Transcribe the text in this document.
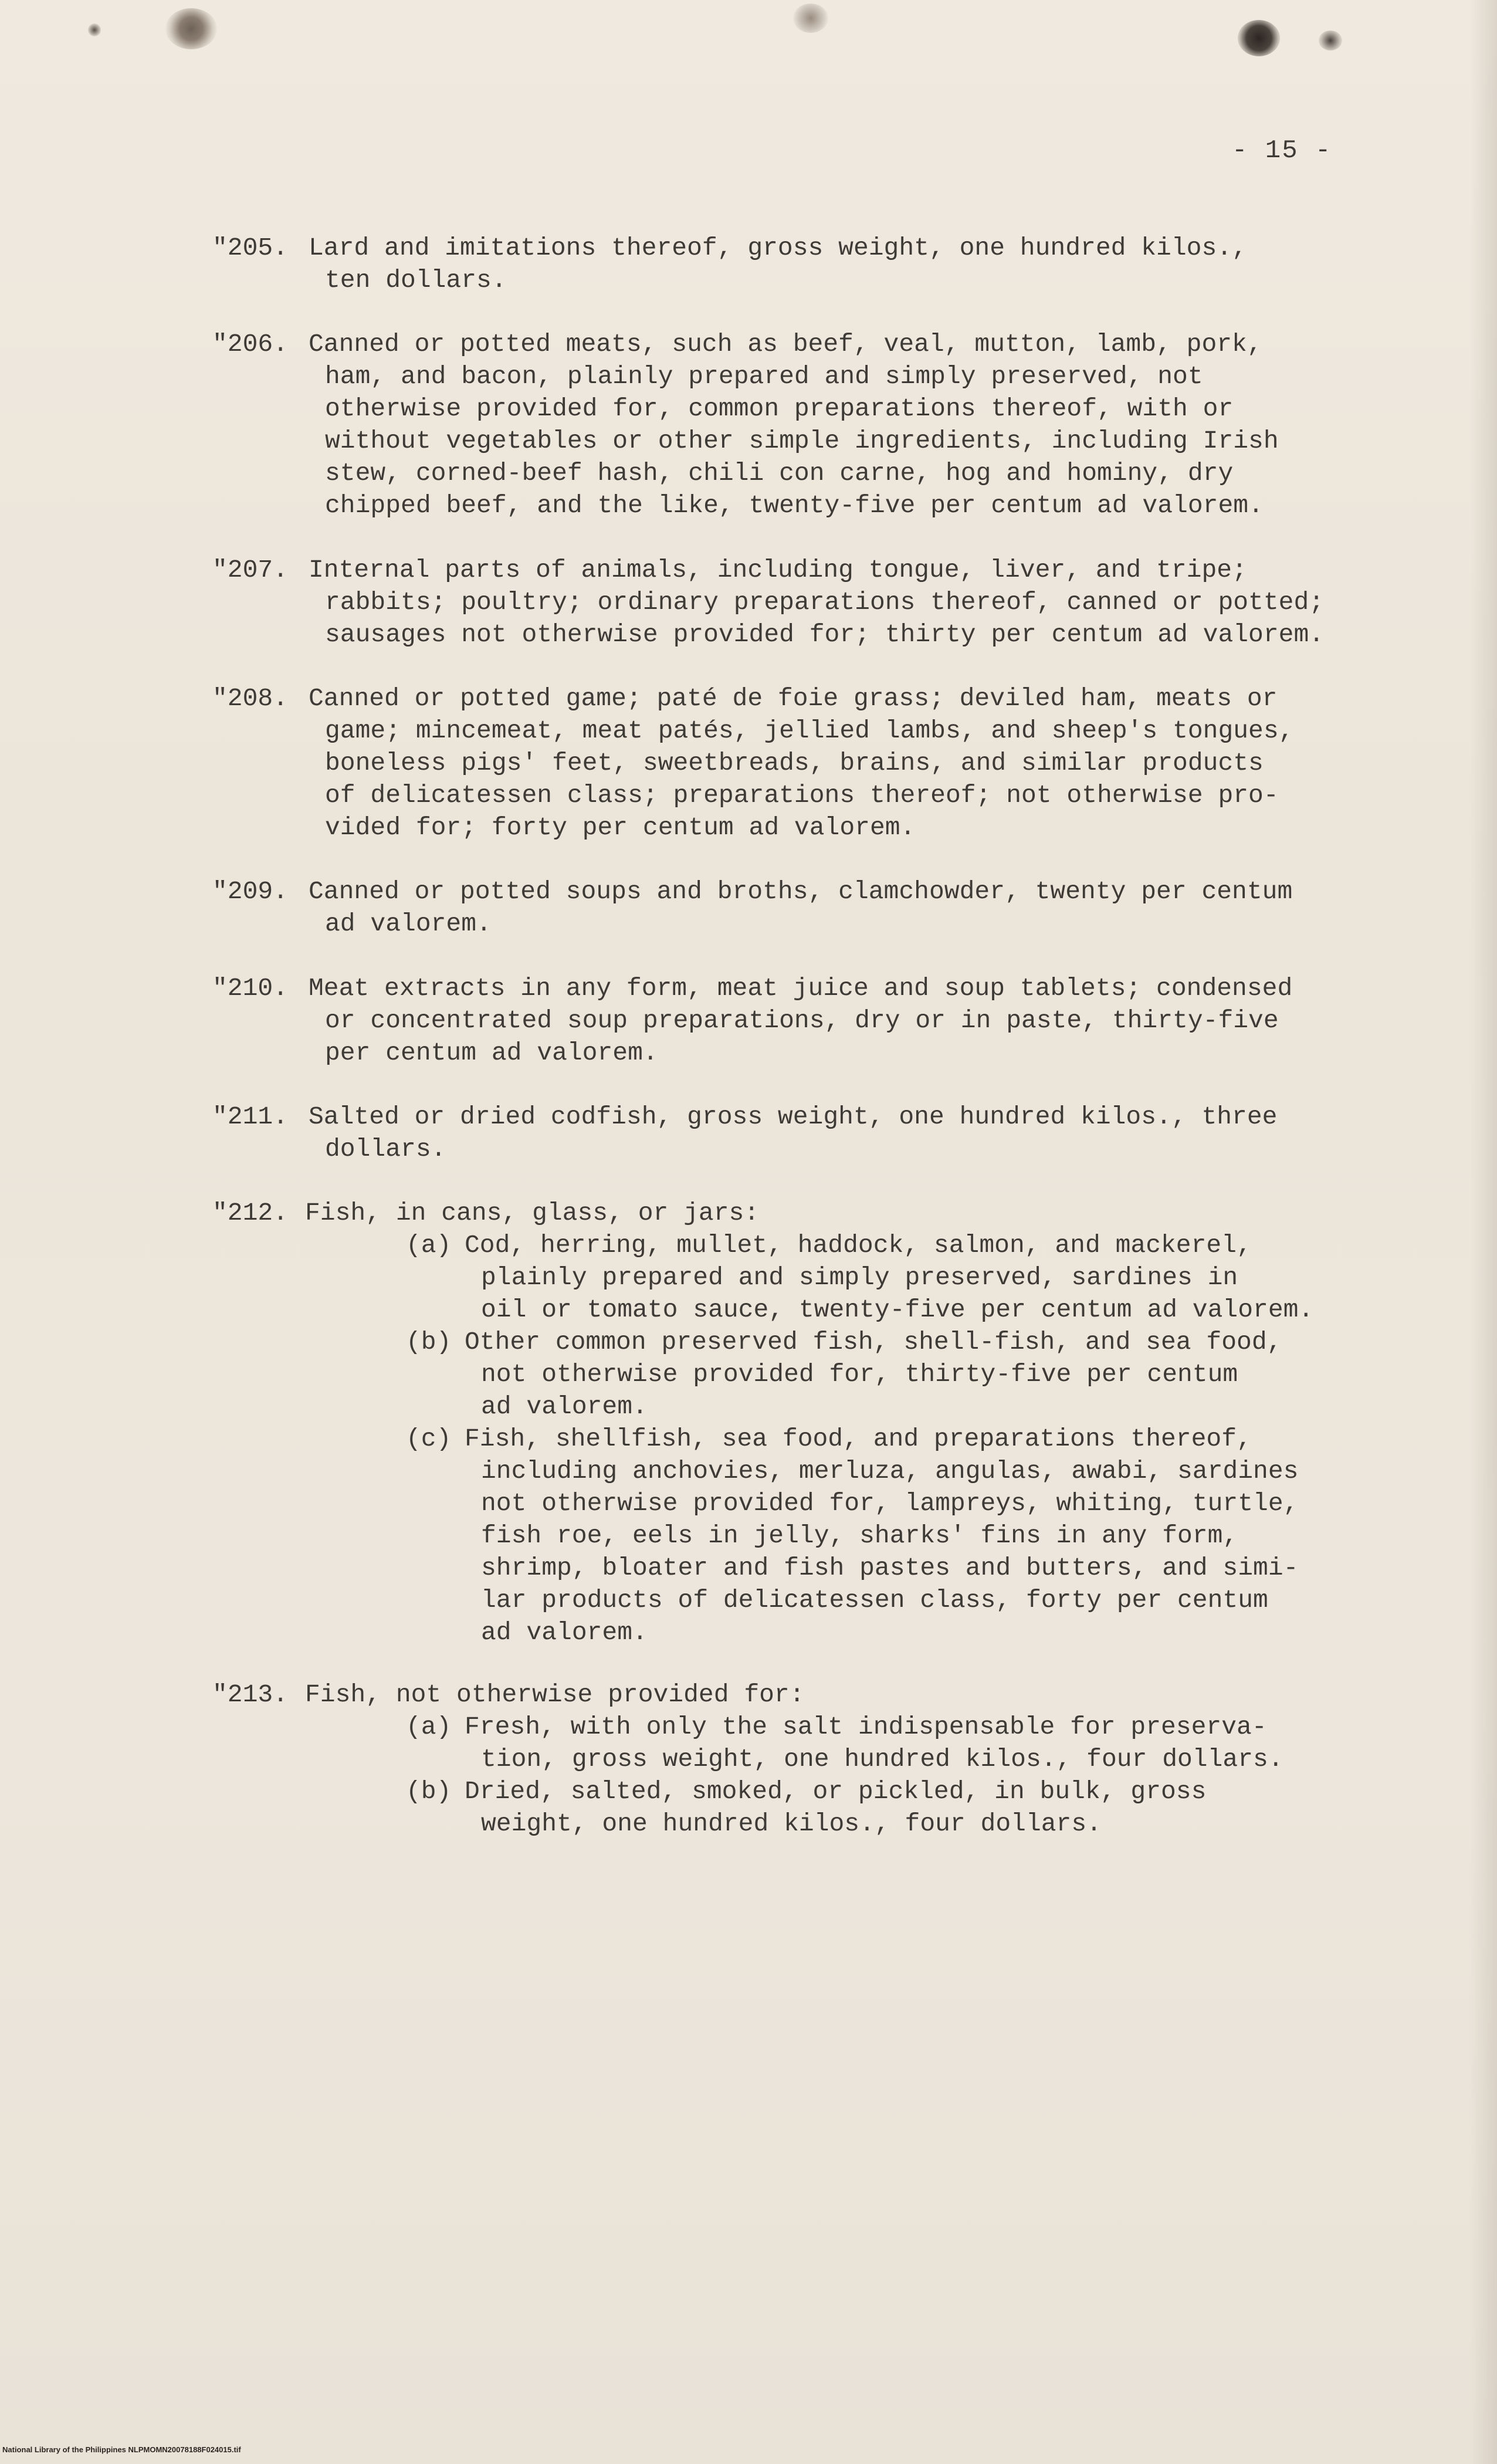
- 15 -

"205.

Lard and imitations thereof, gross weight, one hundred kilos.,

ten dollars.

"206.

Canned or potted meats, such as beef, veal, mutton, lamb, pork,

ham, and bacon, plainly prepared and simply preserved, not
otherwise provided for, common preparations thereof, with or
without vegetables or other simple ingredients, including Irish
stew, corned-beef hash, chili con carne, hog and hominy, dry
chipped beef, and the like, twenty-five per centum ad valorem.

"207.

Internal parts of animals, including tongue, liver, and tripe;

rabbits; poultry; ordinary preparations thereof, canned or potted;
sausages not otherwise provided for; thirty per centum ad valorem.

"208.

Canned or potted game; paté de foie grass; deviled ham, meats or

game; mincemeat, meat patés, jellied lambs, and sheep's tongues,
boneless pigs' feet, sweetbreads, brains, and similar products
of delicatessen class; preparations thereof; not otherwise pro-
vided for; forty per centum ad valorem.

"209.

Canned or potted soups and broths, clamchowder, twenty per centum

ad valorem.

"210.

Meat extracts in any form, meat juice and soup tablets; condensed

or concentrated soup preparations, dry or in paste, thirty-five
per centum ad valorem.

"211.

Salted or dried codfish, gross weight, one hundred kilos., three

dollars.

"212.

Fish, in cans, glass, or jars:

(a)

Cod, herring, mullet, haddock, salmon, and mackerel,

plainly prepared and simply preserved, sardines in
oil or tomato sauce, twenty-five per centum ad valorem.

(b)

Other common preserved fish, shell-fish, and sea food,

not otherwise provided for, thirty-five per centum
ad valorem.

(c)

Fish, shellfish, sea food, and preparations thereof,

including anchovies, merluza, angulas, awabi, sardines
not otherwise provided for, lampreys, whiting, turtle,
fish roe, eels in jelly, sharks' fins in any form,
shrimp, bloater and fish pastes and butters, and simi-
lar products of delicatessen class, forty per centum
ad valorem.

"213.

Fish, not otherwise provided for:

(a)

Fresh, with only the salt indispensable for preserva-

tion, gross weight, one hundred kilos., four dollars.

(b)

Dried, salted, smoked, or pickled, in bulk, gross

weight, one hundred kilos., four dollars.
National Library of the Philippines NLPMOMN20078188F024015.tif
